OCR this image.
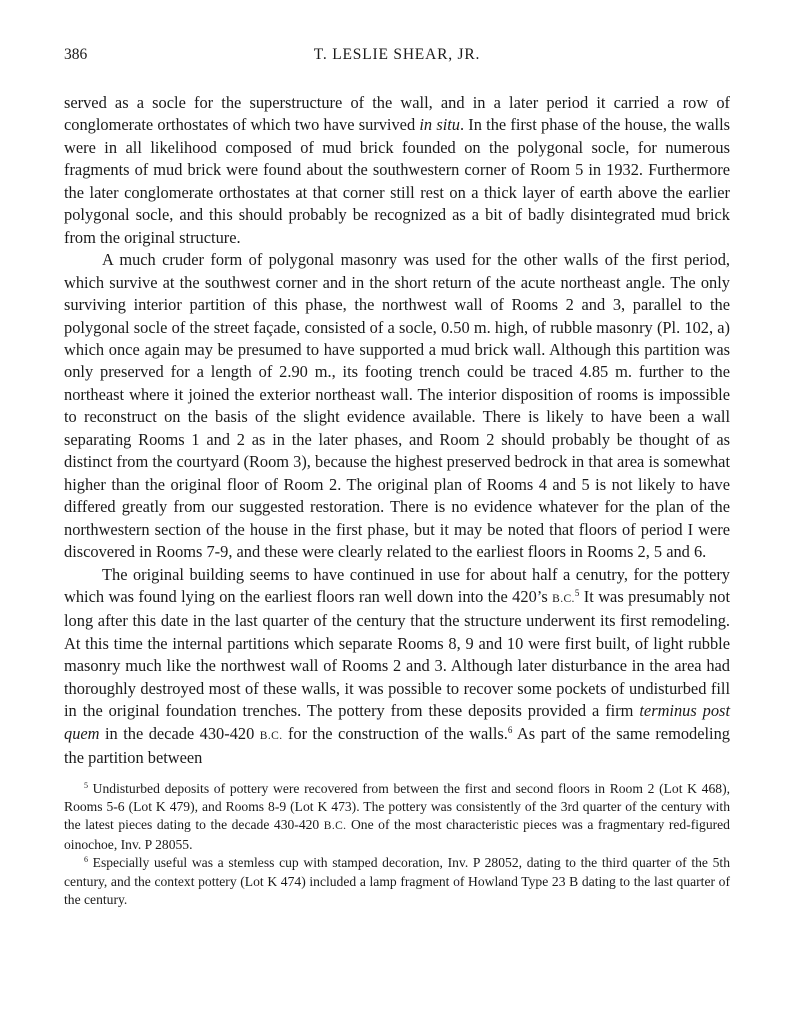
386	T. LESLIE SHEAR, JR.

served as a socle for the superstructure of the wall, and in a later period it carried a row of conglomerate orthostates of which two have survived in situ. In the first phase of the house, the walls were in all likelihood composed of mud brick founded on the polygonal socle, for numerous fragments of mud brick were found about the southwestern corner of Room 5 in 1932. Furthermore the later conglomerate orthostates at that corner still rest on a thick layer of earth above the earlier polygonal socle, and this should probably be recognized as a bit of badly disintegrated mud brick from the original structure.

A much cruder form of polygonal masonry was used for the other walls of the first period, which survive at the southwest corner and in the short return of the acute northeast angle. The only surviving interior partition of this phase, the northwest wall of Rooms 2 and 3, parallel to the polygonal socle of the street façade, consisted of a socle, 0.50 m. high, of rubble masonry (Pl. 102, a) which once again may be presumed to have supported a mud brick wall. Although this partition was only preserved for a length of 2.90 m., its footing trench could be traced 4.85 m. further to the northeast where it joined the exterior northeast wall. The interior disposition of rooms is impossible to reconstruct on the basis of the slight evidence available. There is likely to have been a wall separating Rooms 1 and 2 as in the later phases, and Room 2 should probably be thought of as distinct from the courtyard (Room 3), because the highest preserved bedrock in that area is somewhat higher than the original floor of Room 2. The original plan of Rooms 4 and 5 is not likely to have differed greatly from our suggested restoration. There is no evidence whatever for the plan of the northwestern section of the house in the first phase, but it may be noted that floors of period I were discovered in Rooms 7-9, and these were clearly related to the earliest floors in Rooms 2, 5 and 6.

The original building seems to have continued in use for about half a cenutry, for the pottery which was found lying on the earliest floors ran well down into the 420’s B.C.$^5$ It was presumably not long after this date in the last quarter of the century that the structure underwent its first remodeling. At this time the internal partitions which separate Rooms 8, 9 and 10 were first built, of light rubble masonry much like the northwest wall of Rooms 2 and 3. Although later disturbance in the area had thoroughly destroyed most of these walls, it was possible to recover some pockets of undisturbed fill in the original foundation trenches. The pottery from these deposits provided a firm terminus post quem in the decade 430-420 B.C. for the construction of the walls.$^6$ As part of the same remodeling the partition between

$^5$ Undisturbed deposits of pottery were recovered from between the first and second floors in Room 2 (Lot K 468), Rooms 5-6 (Lot K 479), and Rooms 8-9 (Lot K 473). The pottery was consistently of the 3rd quarter of the century with the latest pieces dating to the decade 430-420 B.C. One of the most characteristic pieces was a fragmentary red-figured oinochoe, Inv. P 28055.

$^6$ Especially useful was a stemless cup with stamped decoration, Inv. P 28052, dating to the third quarter of the 5th century, and the context pottery (Lot K 474) included a lamp fragment of Howland Type 23 B dating to the last quarter of the century.
